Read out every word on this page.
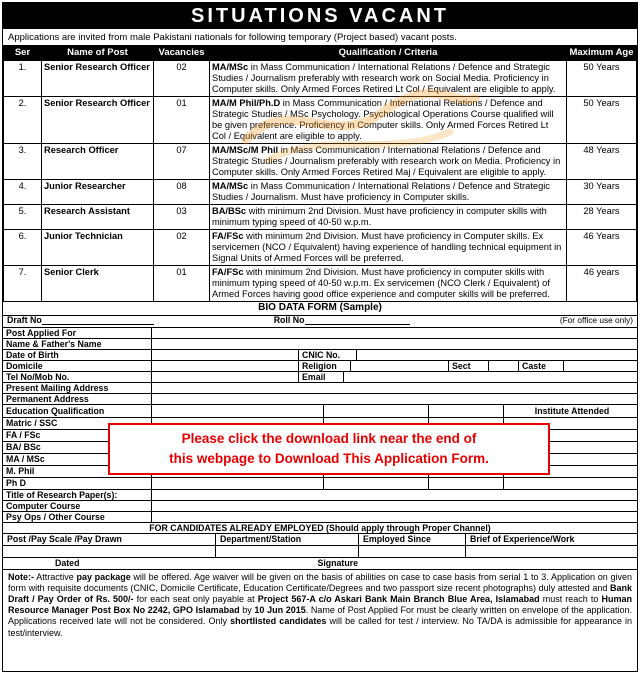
SITUATIONS VACANT
Applications are invited from male Pakistani nationals for following temporary (Project based) vacant posts.
Ser	Name of Post	Vacancies	Qualification / Criteria	Maximum Age
1.	Senior Research Officer	02	MA/MSc in Mass Communication / International Relations / Defence and Strategic Studies / Journalism preferably with research work on Social Media. Proficiency in Computer skills. Only Armed Forces Retired Lt Col / Equivalent are eligible to apply.	50 Years
2.	Senior Research Officer	01	MA/M Phil/Ph.D in Mass Communication / International Relations / Defence and Strategic Studies / MSc Psychology. Psychological Operations Course qualified will be given preference. Proficiency in Computer skills. Only Armed Forces Retired Lt Col / Equivalent are eligible to apply.	50 Years
3.	Research Officer	07	MA/MSc/M Phil in Mass Communication / International Relations / Defence and Strategic Studies / Journalism preferably with research work on Media. Proficiency in Computer skills. Only Armed Forces Retired Maj / Equivalent are eligible to apply.	48 Years
4.	Junior Researcher	08	MA/MSc in Mass Communication / International Relations / Defence and Strategic Studies / Journalism. Must have proficiency in Computer skills.	30 Years
5.	Research Assistant	03	BA/BSc with minimum 2nd Division. Must have proficiency in computer skills with minimum typing speed of 40-50 w.p.m.	28 Years
6.	Junior Technician	02	FA/FSc with minimum 2nd Division. Must have proficiency in Computer skills. Ex servicemen (NCO / Equivalent) having experience of handling technical equipment in Signal Units of Armed Forces will be preferred.	46 Years
7.	Senior Clerk	01	FA/FSc with minimum 2nd Division. Must have proficiency in computer skills with minimum typing speed of 40-50 w.p.m. Ex servicemen (NCO Clerk / Equivalent) of Armed Forces having good office experience and computer skills will be preferred.	46 years
BIO DATA FORM (Sample)
Draft No	Roll No	(For office use only)
Post Applied For
Name & Father's Name
Date of Birth	CNIC No.
Domicile	Religion	Sect	Caste
Tel No/Mob No.	Email
Present Mailing Address
Permanent Address
Education Qualification	Institute Attended
Matric / SSC
FA / FSc
BA/ BSc
MA / MSc
M. Phil
Ph D
Title of Research Paper(s):
Computer Course
Psy Ops / Other Course
FOR CANDIDATES ALREADY EMPLOYED (Should apply through Proper Channel)
Post /Pay Scale /Pay Drawn	Department/Station	Employed Since	Brief of Experience/Work
Dated	Signature
Note:- Attractive pay package will be offered. Age waiver will be given on the basis of abilities on case to case basis from serial 1 to 3. Application on given form with requisite documents (CNIC, Domicile Certificate, Education Certificate/Degrees and two passport size recent photographs) duly attested and Bank Draft / Pay Order of Rs. 500/- for each seat only payable at Project 567-A c/o Askari Bank Main Branch Blue Area, Islamabad must reach to Human Resource Manager Post Box No 2242, GPO Islamabad by 10 Jun 2015. Name of Post Applied For must be clearly written on envelope of the application. Applications received late will not be considered. Only shortlisted candidates will be called for test / interview. No TA/DA is admissible for appearance in test/interview.
Please click the download link near the end of
this webpage to Download This Application Form.
